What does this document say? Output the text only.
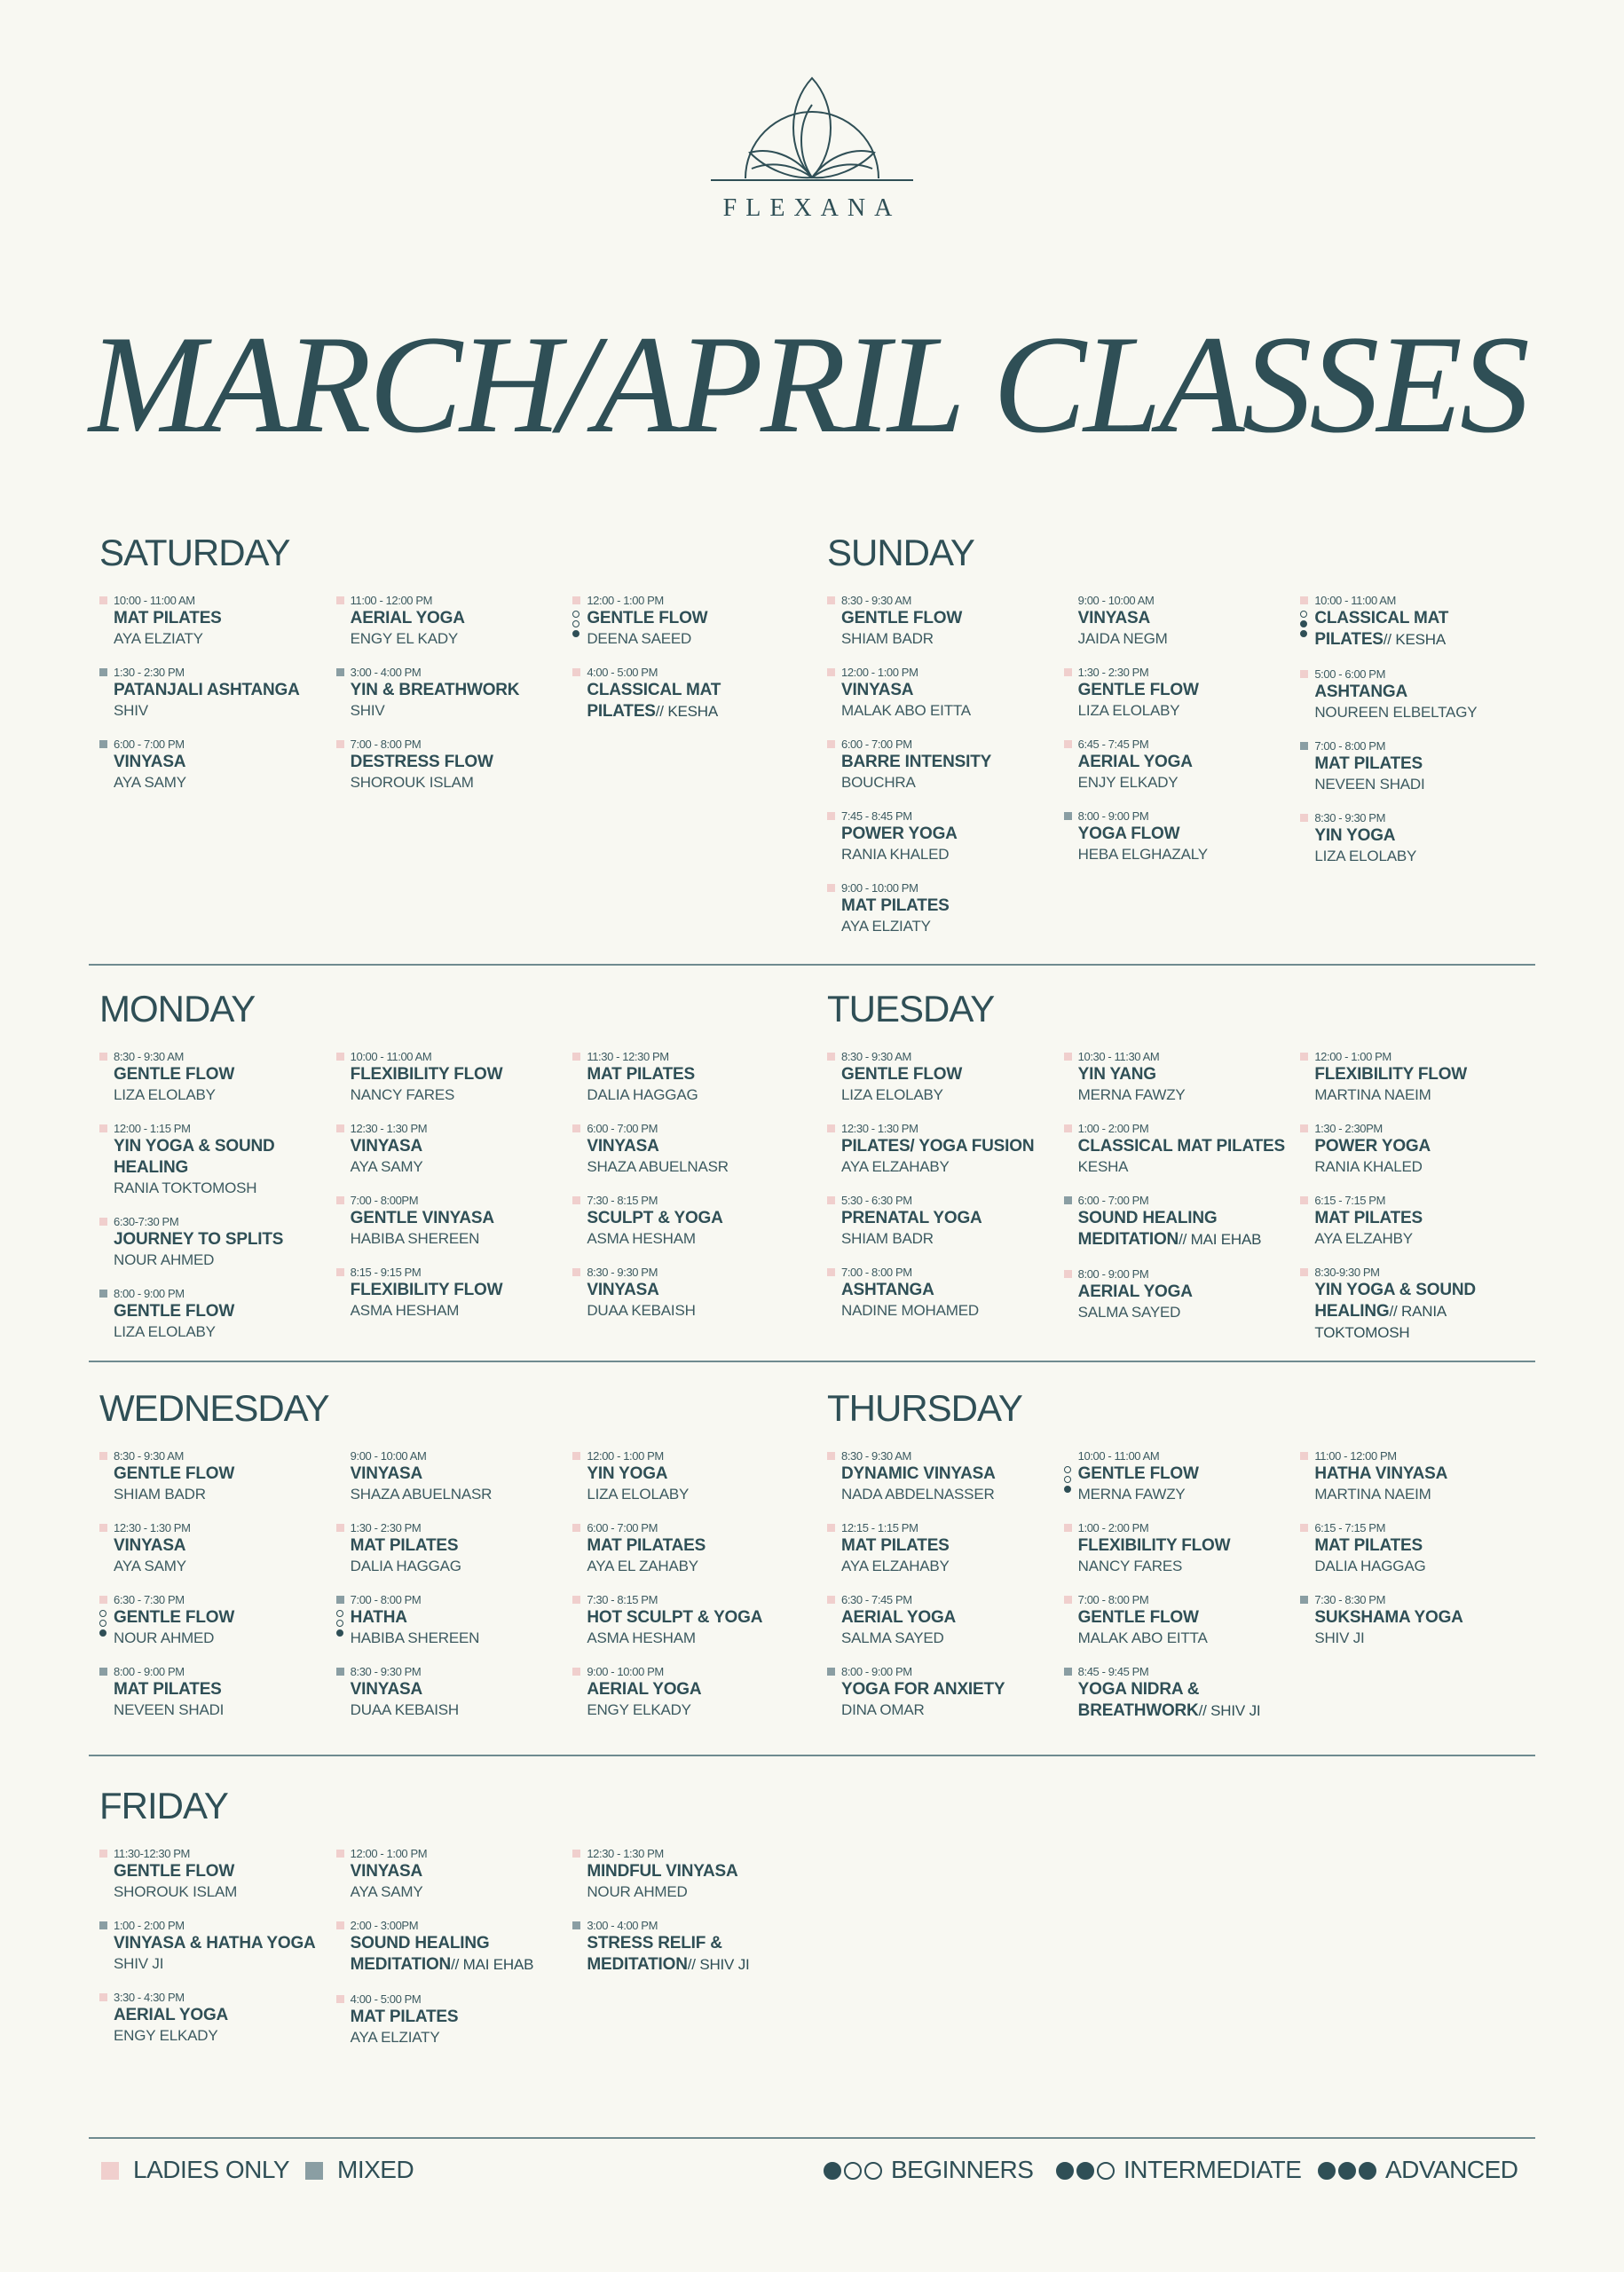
FLEXANA
MARCH/APRIL CLASSES
SATURDAY
10:00 - 11:00 AM
MAT PILATES
AYA ELZIATY
1:30 - 2:30 PM
PATANJALI ASHTANGA
SHIV
6:00 - 7:00 PM
VINYASA
AYA SAMY
11:00 - 12:00 PM
AERIAL YOGA
ENGY EL KADY
3:00 - 4:00 PM
YIN & BREATHWORK
SHIV
7:00 - 8:00 PM
DESTRESS FLOW
SHOROUK ISLAM
12:00 - 1:00 PM
GENTLE FLOW
DEENA SAEED
4:00 - 5:00 PM
CLASSICAL MAT PILATES// KESHA
SUNDAY
8:30 - 9:30 AM
GENTLE FLOW
SHIAM BADR
12:00 - 1:00 PM
VINYASA
MALAK ABO EITTA
6:00 - 7:00 PM
BARRE INTENSITY
BOUCHRA
7:45 - 8:45 PM
POWER YOGA
RANIA KHALED
9:00 - 10:00 PM
MAT PILATES
AYA ELZIATY
9:00 - 10:00 AM
VINYASA
JAIDA NEGM
1:30 - 2:30 PM
GENTLE FLOW
LIZA ELOLABY
6:45 - 7:45 PM
AERIAL YOGA
ENJY ELKADY
8:00 - 9:00 PM
YOGA FLOW
HEBA ELGHAZALY
10:00 - 11:00 AM
CLASSICAL MAT PILATES// KESHA
5:00 - 6:00 PM
ASHTANGA
NOUREEN ELBELTAGY
7:00 - 8:00 PM
MAT PILATES
NEVEEN SHADI
8:30 - 9:30 PM
YIN YOGA
LIZA ELOLABY
MONDAY
8:30 - 9:30 AM
GENTLE FLOW
LIZA ELOLABY
12:00 - 1:15 PM
YIN YOGA & SOUND HEALING
RANIA TOKTOMOSH
6:30-7:30 PM
JOURNEY TO SPLITS
NOUR AHMED
8:00 - 9:00 PM
GENTLE FLOW
LIZA ELOLABY
10:00 - 11:00 AM
FLEXIBILITY FLOW
NANCY FARES
12:30 - 1:30 PM
VINYASA
AYA SAMY
7:00 - 8:00PM
GENTLE VINYASA
HABIBA SHEREEN
8:15 - 9:15 PM
FLEXIBILITY FLOW
ASMA HESHAM
11:30 - 12:30 PM
MAT PILATES
DALIA HAGGAG
6:00 - 7:00 PM
VINYASA
SHAZA ABUELNASR
7:30 - 8:15 PM
SCULPT & YOGA
ASMA HESHAM
8:30 - 9:30 PM
VINYASA
DUAA KEBAISH
TUESDAY
8:30 - 9:30 AM
GENTLE FLOW
LIZA ELOLABY
12:30 - 1:30 PM
PILATES/ YOGA FUSION
AYA ELZAHABY
5:30 - 6:30 PM
PRENATAL YOGA
SHIAM BADR
7:00 - 8:00 PM
ASHTANGA
NADINE MOHAMED
10:30 - 11:30 AM
YIN YANG
MERNA FAWZY
1:00 - 2:00 PM
CLASSICAL MAT PILATES
KESHA
6:00 - 7:00 PM
SOUND HEALING MEDITATION// MAI EHAB
8:00 - 9:00 PM
AERIAL YOGA
SALMA SAYED
12:00 - 1:00 PM
FLEXIBILITY FLOW
MARTINA NAEIM
1:30 - 2:30PM
POWER YOGA
RANIA KHALED
6:15 - 7:15 PM
MAT PILATES
AYA ELZAHBY
8:30-9:30 PM
YIN YOGA & SOUND HEALING// RANIA TOKTOMOSH
WEDNESDAY
8:30 - 9:30 AM
GENTLE FLOW
SHIAM BADR
12:30 - 1:30 PM
VINYASA
AYA SAMY
6:30 - 7:30 PM
GENTLE FLOW
NOUR AHMED
8:00 - 9:00 PM
MAT PILATES
NEVEEN SHADI
9:00 - 10:00 AM
VINYASA
SHAZA ABUELNASR
1:30 - 2:30 PM
MAT PILATES
DALIA HAGGAG
7:00 - 8:00 PM
HATHA
HABIBA SHEREEN
8:30 - 9:30 PM
VINYASA
DUAA KEBAISH
12:00 - 1:00 PM
YIN YOGA
LIZA ELOLABY
6:00 - 7:00 PM
MAT PILATAES
AYA EL ZAHABY
7:30 - 8:15 PM
HOT SCULPT & YOGA
ASMA HESHAM
9:00 - 10:00 PM
AERIAL YOGA
ENGY ELKADY
THURSDAY
8:30 - 9:30 AM
DYNAMIC VINYASA
NADA ABDELNASSER
12:15 - 1:15 PM
MAT PILATES
AYA ELZAHABY
6:30 - 7:45 PM
AERIAL YOGA
SALMA SAYED
8:00 - 9:00 PM
YOGA FOR ANXIETY
DINA OMAR
10:00 - 11:00 AM
GENTLE FLOW
MERNA FAWZY
1:00 - 2:00 PM
FLEXIBILITY FLOW
NANCY FARES
7:00 - 8:00 PM
GENTLE FLOW
MALAK ABO EITTA
8:45 - 9:45 PM
YOGA NIDRA & BREATHWORK// SHIV JI
11:00 - 12:00 PM
HATHA VINYASA
MARTINA NAEIM
6:15 - 7:15 PM
MAT PILATES
DALIA HAGGAG
7:30 - 8:30 PM
SUKSHAMA YOGA
SHIV JI
FRIDAY
11:30-12:30 PM
GENTLE FLOW
SHOROUK ISLAM
1:00 - 2:00 PM
VINYASA & HATHA YOGA
SHIV JI
3:30 - 4:30 PM
AERIAL YOGA
ENGY ELKADY
12:00 - 1:00 PM
VINYASA
AYA SAMY
2:00 - 3:00PM
SOUND HEALING MEDITATION// MAI EHAB
4:00 - 5:00 PM
MAT PILATES
AYA ELZIATY
12:30 - 1:30 PM
MINDFUL VINYASA
NOUR AHMED
3:00 - 4:00 PM
STRESS RELIF & MEDITATION// SHIV JI
LADIES ONLY	MIXED	BEGINNERS	INTERMEDIATE	ADVANCED
